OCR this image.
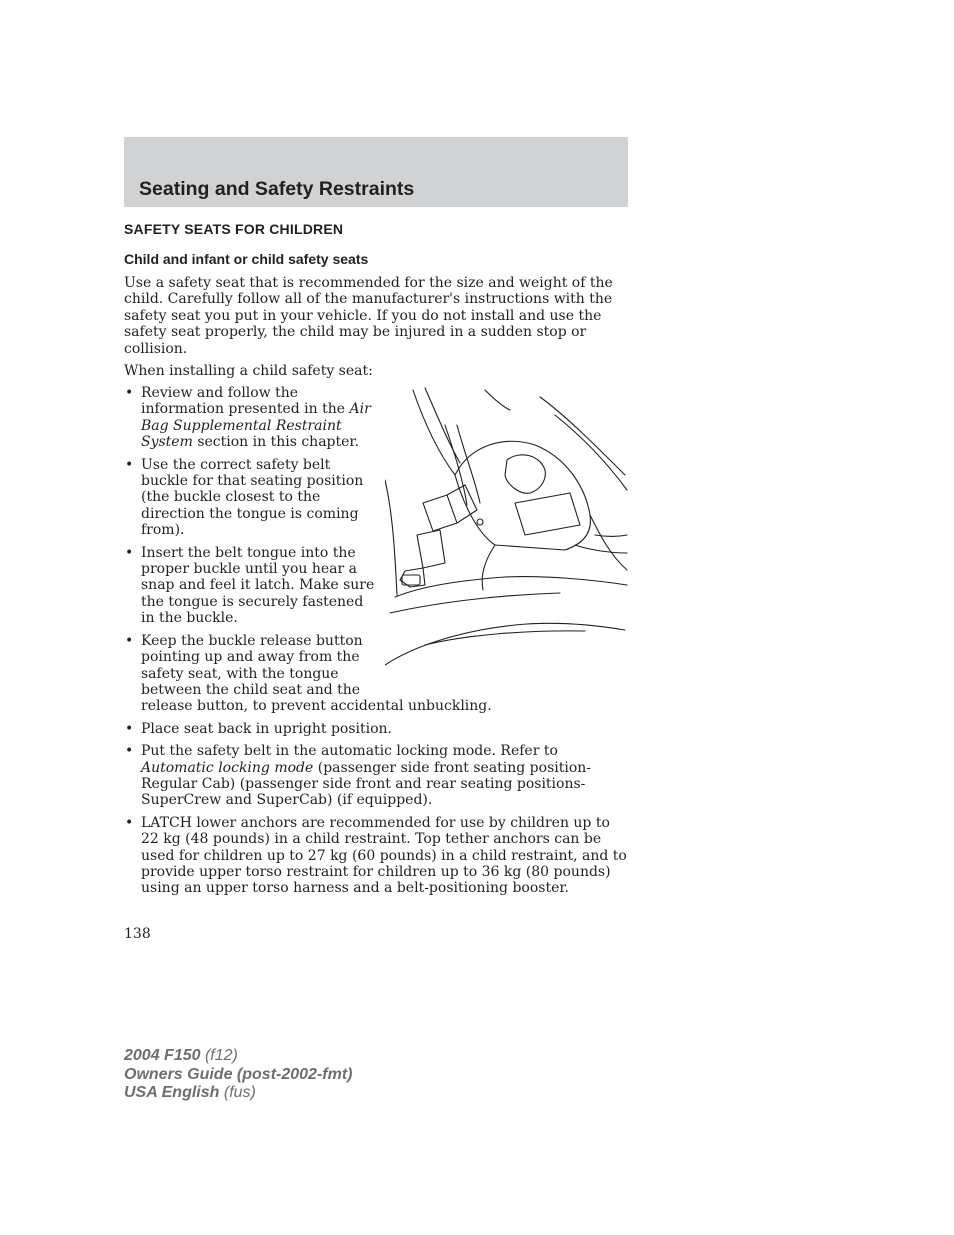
Seating and Safety Restraints
SAFETY SEATS FOR CHILDREN
Child and infant or child safety seats
Use a safety seat that is recommended for the size and weight of the child. Carefully follow all of the manufacturer's instructions with the safety seat you put in your vehicle. If you do not install and use the safety seat properly, the child may be injured in a sudden stop or collision.
When installing a child safety seat:
• Review and follow the information presented in the Air Bag Supplemental Restraint System section in this chapter.
• Use the correct safety belt buckle for that seating position (the buckle closest to the direction the tongue is coming from).
• Insert the belt tongue into the proper buckle until you hear a snap and feel it latch. Make sure the tongue is securely fastened in the buckle.
• Keep the buckle release button pointing up and away from the safety seat, with the tongue between the child seat and the
release button, to prevent accidental unbuckling.
• Place seat back in upright position.
• Put the safety belt in the automatic locking mode. Refer to Automatic locking mode (passenger side front seating position-Regular Cab) (passenger side front and rear seating positions-SuperCrew and SuperCab) (if equipped).
• LATCH lower anchors are recommended for use by children up to 22 kg (48 pounds) in a child restraint. Top tether anchors can be used for children up to 27 kg (60 pounds) in a child restraint, and to provide upper torso restraint for children up to 36 kg (80 pounds) using an upper torso harness and a belt-positioning booster.
138
2004 F150 (f12)
Owners Guide (post-2002-fmt)
USA English (fus)
